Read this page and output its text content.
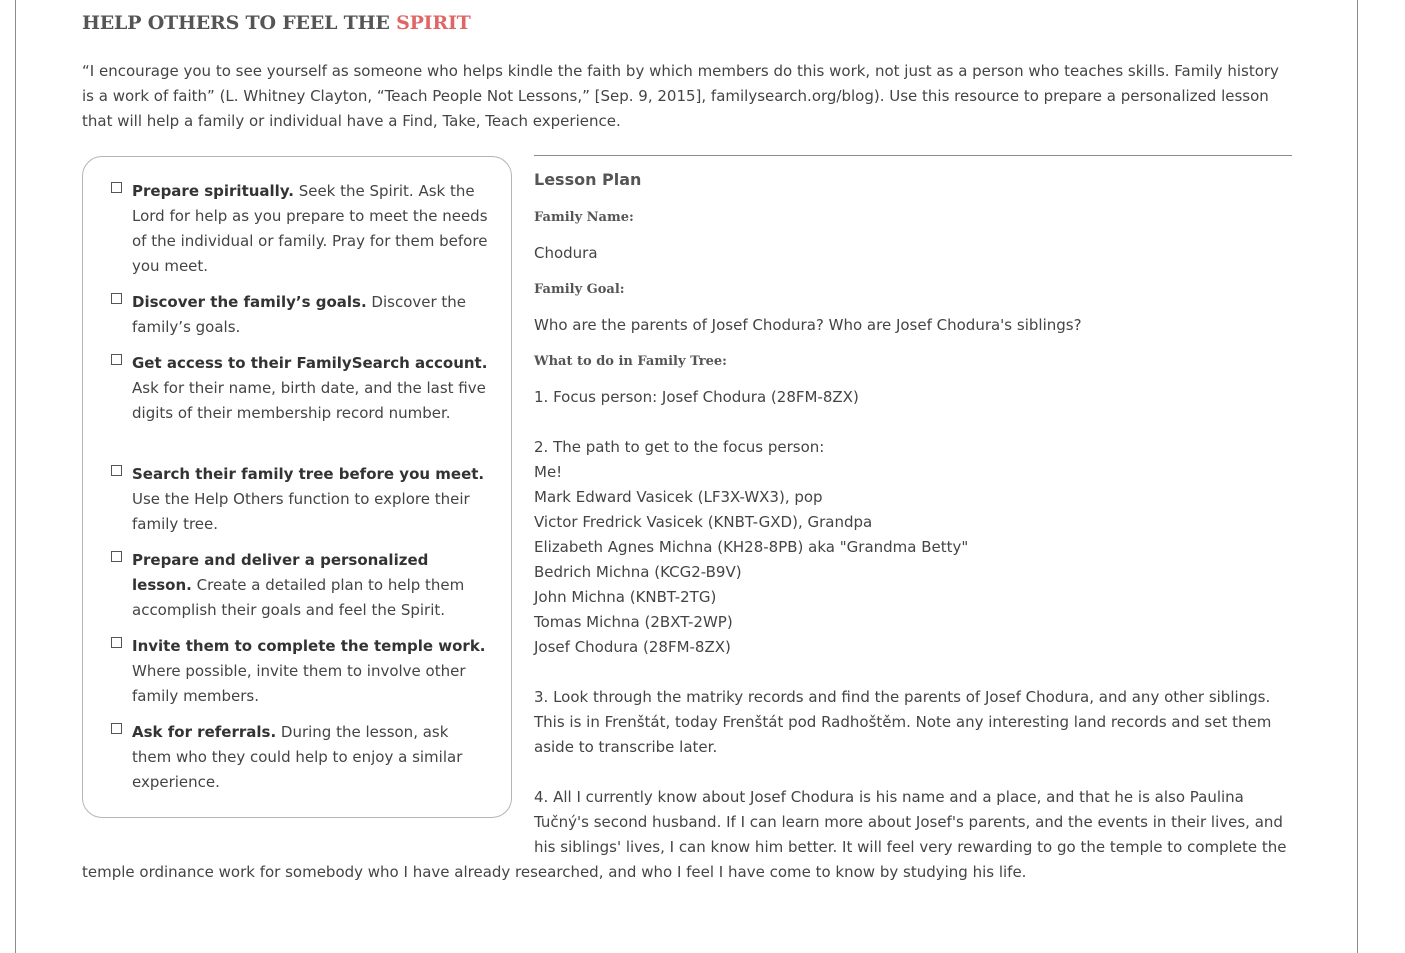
HELP OTHERS TO FEEL THE SPIRIT

“I encourage you to see yourself as someone who helps kindle the faith by which members do this work, not just as a person who teaches skills. Family history is a work of faith” (L. Whitney Clayton, “Teach People Not Lessons,” [Sep. 9, 2015], familysearch.org/blog). Use this resource to prepare a personalized lesson that will help a family or individual have a Find, Take, Teach experience.

Prepare spiritually. Seek the Spirit. Ask the Lord for help as you prepare to meet the needs of the individual or family. Pray for them before you meet.
Discover the family’s goals. Discover the family’s goals.
Get access to their FamilySearch account. Ask for their name, birth date, and the last five digits of their membership record number.
Search their family tree before you meet. Use the Help Others function to explore their family tree.
Prepare and deliver a personalized lesson. Create a detailed plan to help them accomplish their goals and feel the Spirit.
Invite them to complete the temple work. Where possible, invite them to involve other family members.
Ask for referrals. During the lesson, ask them who they could help to enjoy a similar experience.
Lesson Plan
Family Name:
Chodura
Family Goal:
Who are the parents of Josef Chodura? Who are Josef Chodura's siblings?
What to do in Family Tree:
1. Focus person: Josef Chodura (28FM-8ZX)
2. The path to get to the focus person:
Me!
Mark Edward Vasicek (LF3X-WX3), pop
Victor Fredrick Vasicek (KNBT-GXD), Grandpa
Elizabeth Agnes Michna (KH28-8PB) aka "Grandma Betty"
Bedrich Michna (KCG2-B9V)
John Michna (KNBT-2TG)
Tomas Michna (2BXT-2WP)
Josef Chodura (28FM-8ZX)

3. Look through the matriky records and find the parents of Josef Chodura, and any other siblings. This is in Frenštát, today Frenštát pod Radhoštěm. Note any interesting land records and set them aside to transcribe later.

4. All I currently know about Josef Chodura is his name and a place, and that he is also Paulina Tučný's second husband. If I can learn more about Josef's parents, and the events in their lives, and his siblings' lives, I can know him better. It will feel very rewarding to go the temple to complete the temple ordinance work for somebody who I have already researched, and who I feel I have come to know by studying his life.
